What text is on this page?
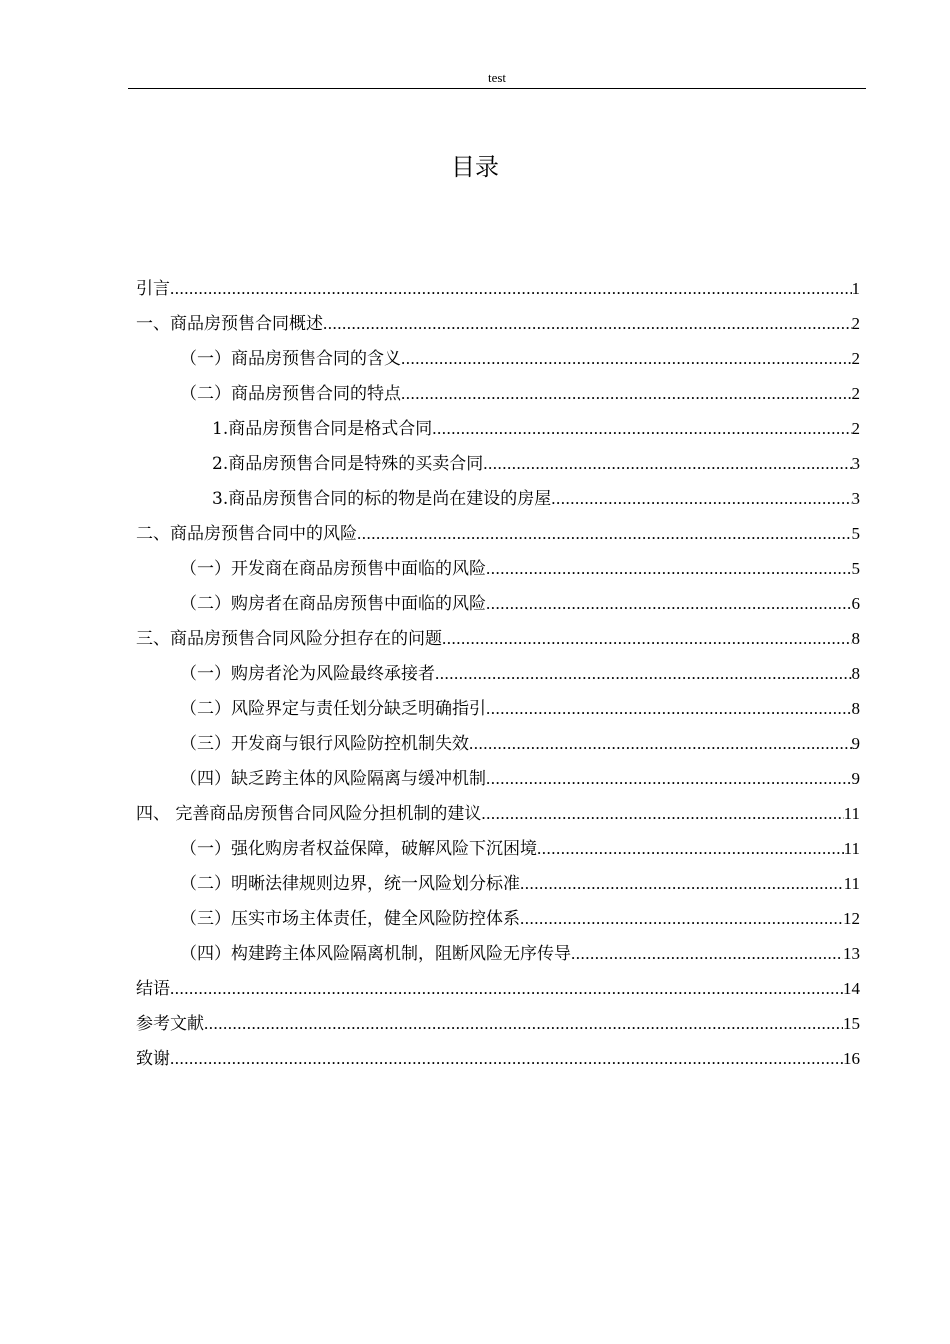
test
目录
引言 .....	1
一、商品房预售合同概述 .....	2
（一）商品房预售合同的含义 .....	2
（二）商品房预售合同的特点 .....	2
1.商品房预售合同是格式合同 .....	2
2.商品房预售合同是特殊的买卖合同 .....	3
3.商品房预售合同的标的物是尚在建设的房屋 .....	3
二、商品房预售合同中的风险 .....	5
（一）开发商在商品房预售中面临的风险 .....	5
（二）购房者在商品房预售中面临的风险 .....	6
三、商品房预售合同风险分担存在的问题 .....	8
（一）购房者沦为风险最终承接者 .....	8
（二）风险界定与责任划分缺乏明确指引 .....	8
（三）开发商与银行风险防控机制失效 .....	9
（四）缺乏跨主体的风险隔离与缓冲机制 .....	9
四、 完善商品房预售合同风险分担机制的建议 .....	11
（一）强化购房者权益保障，破解风险下沉困境 .....	11
（二）明晰法律规则边界，统一风险划分标准 .....	11
（三）压实市场主体责任，健全风险防控体系 .....	12
（四）构建跨主体风险隔离机制，阻断风险无序传导 .....	13
结语 .....	14
参考文献 .....	15
致谢 .....	16
